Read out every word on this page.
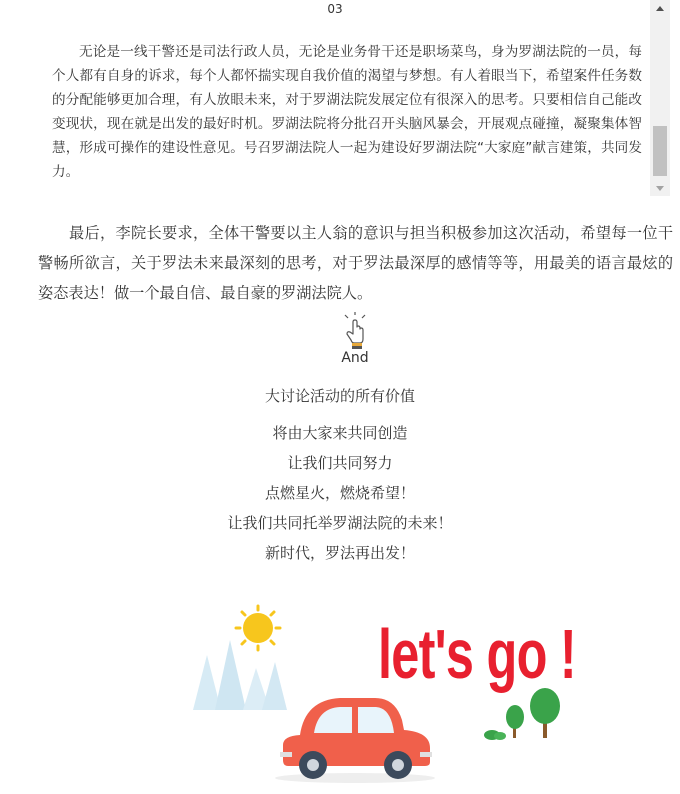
03
无论是一线干警还是司法行政人员，无论是业务骨干还是职场菜鸟，身为罗湖法院的一员，每个人都有自身的诉求，每个人都怀揣实现自我价值的渴望与梦想。有人着眼当下，希望案件任务数的分配能够更加合理，有人放眼未来，对于罗湖法院发展定位有很深入的思考。只要相信自己能改变现状，现在就是出发的最好时机。罗湖法院将分批召开头脑风暴会，开展观点碰撞，凝聚集体智慧，形成可操作的建设性意见。号召罗湖法院人一起为建设好罗湖法院“大家庭”献言建策，共同发力。
最后，李院长要求，全体干警要以主人翁的意识与担当积极参加这次活动，希望每一位干警畅所欲言，关于罗法未来最深刻的思考，对于罗法最深厚的感情等等，用最美的语言最炫的姿态表达！做一个最自信、最自豪的罗湖法院人。
And
大讨论活动的所有价值
将由大家来共同创造
让我们共同努力
点燃星火，燃烧希望！
让我们共同托举罗湖法院的未来！
新时代，罗法再出发！
let's go !
